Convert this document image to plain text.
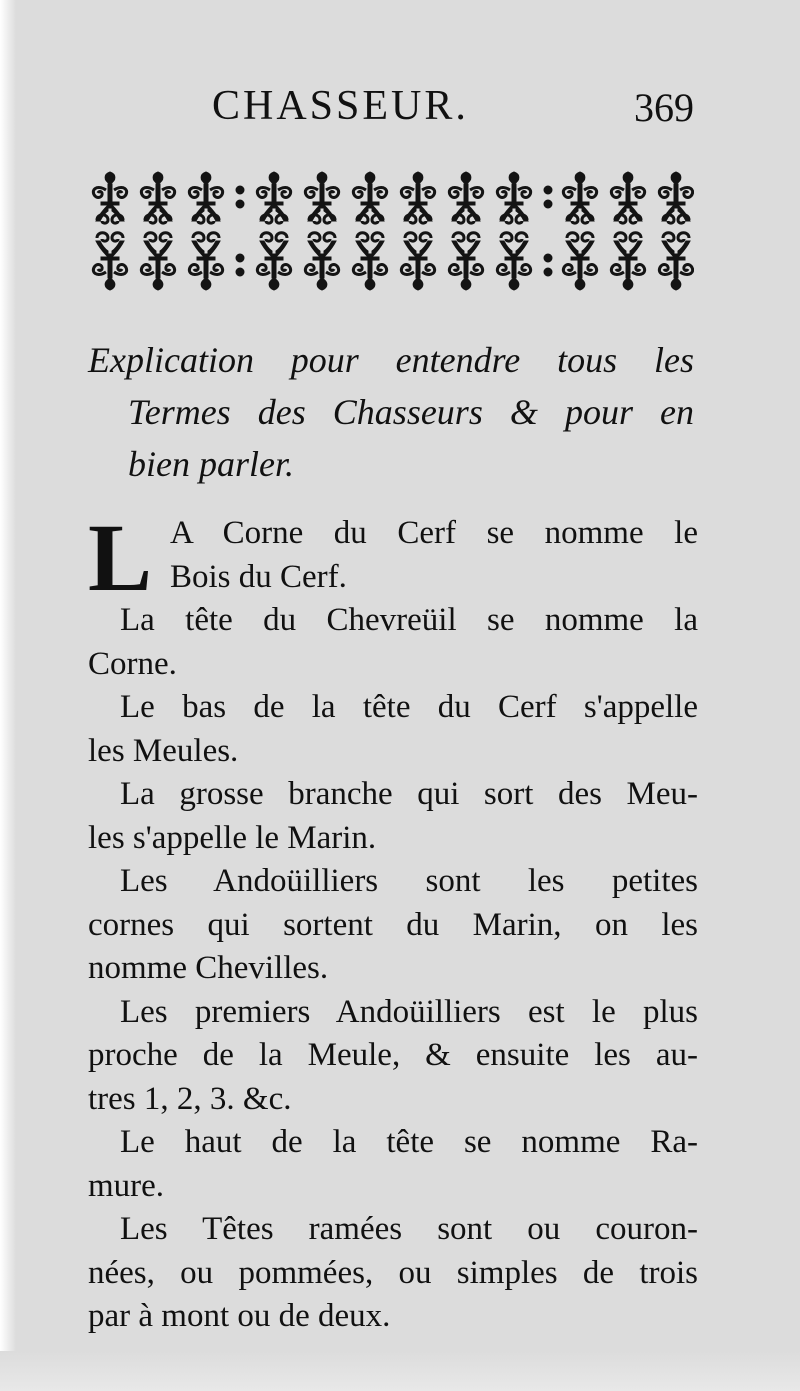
CHASSEUR.	369
Explication pour entendre tous les
Termes des Chasseurs & pour en
bien parler.
L A Corne du Cerf se nomme le
Bois du Cerf.
La tête du Chevreüil se nomme la
Corne.
Le bas de la tête du Cerf s'appelle
les Meules.
La grosse branche qui sort des Meu-
les s'appelle le Marin.
Les Andoüilliers sont les petites
cornes qui sortent du Marin, on les
nomme Chevilles.
Les premiers Andoüilliers est le plus
proche de la Meule, & ensuite les au-
tres 1, 2, 3. &c.
Le haut de la tête se nomme Ra-
mure.
Les Têtes ramées sont ou couron-
nées, ou pommées, ou simples de trois
par à mont ou de deux.
